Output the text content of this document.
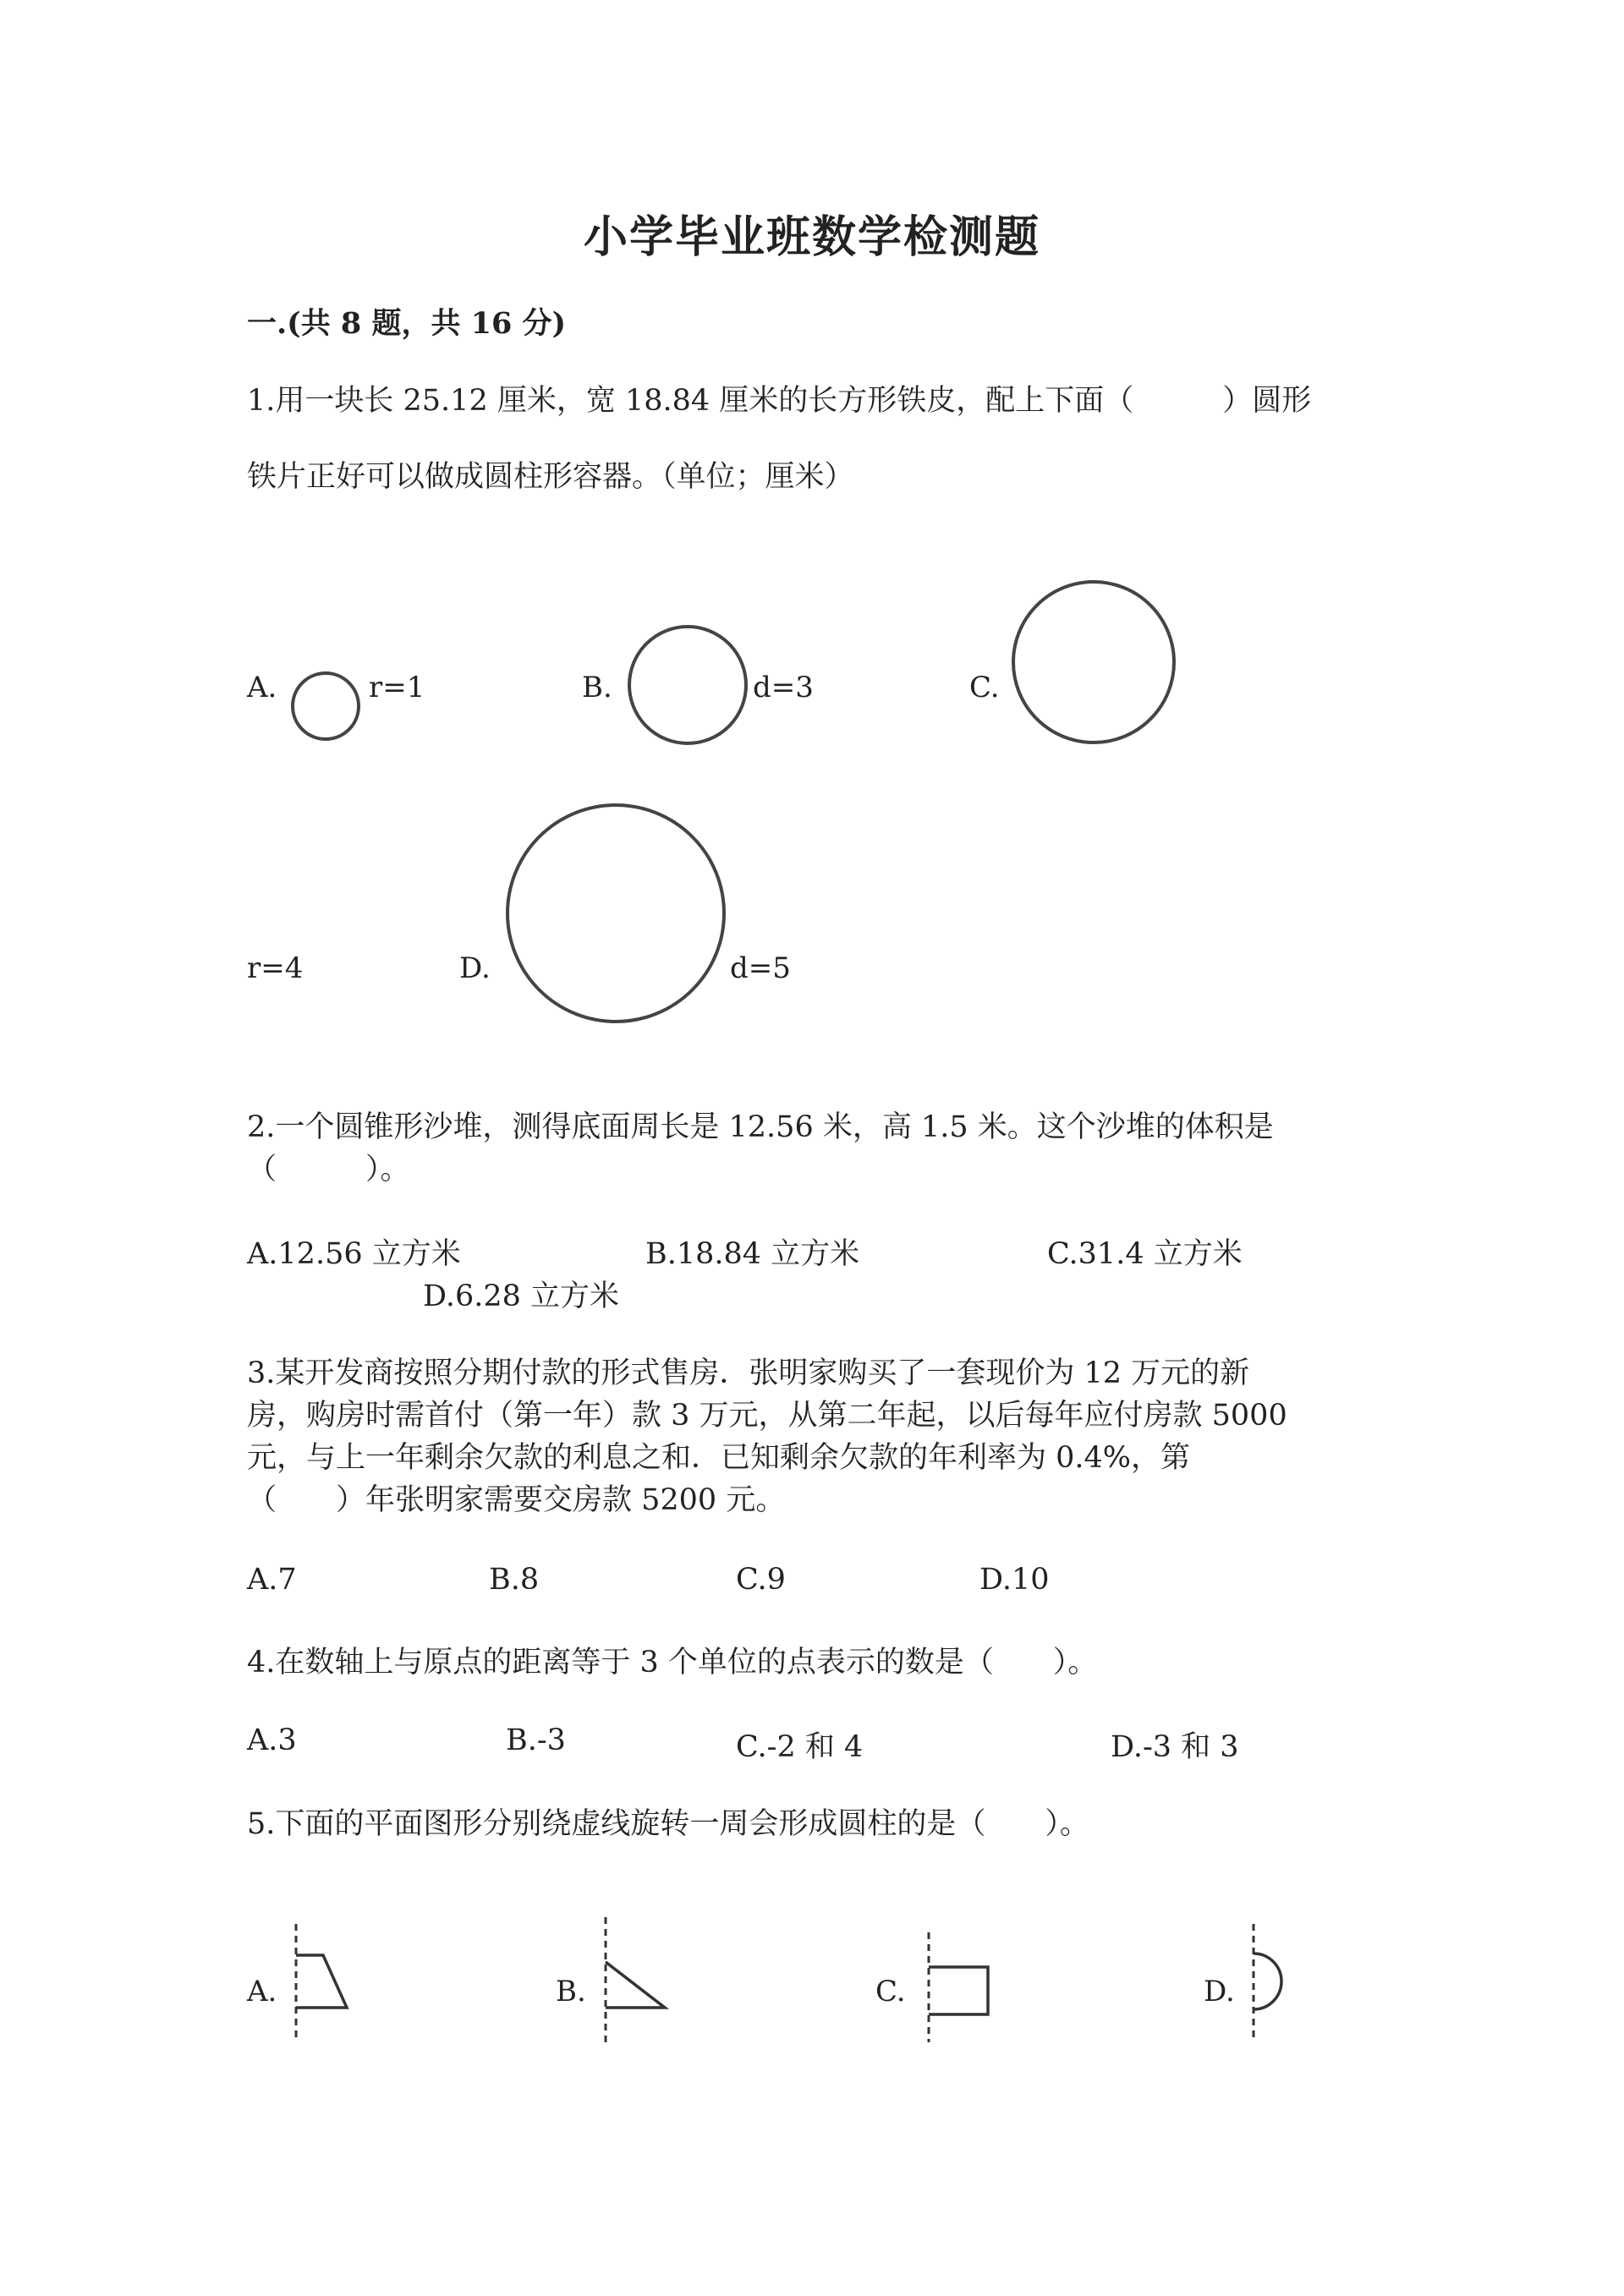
小学毕业班数学检测题
一.(共 8 题，共 16 分)
1.用一块长 25.12 厘米，宽 18.84 厘米的长方形铁皮，配上下面（　　　）圆形
铁片正好可以做成圆柱形容器。（单位；厘米）
A.	r=1	B.	d=3	C.
r=4	D.	d=5
2.一个圆锥形沙堆，测得底面周长是 12.56 米，高 1.5 米。这个沙堆的体积是
（　　　）。
A.12.56 立方米	B.18.84 立方米	C.31.4 立方米
D.6.28 立方米
3.某开发商按照分期付款的形式售房．张明家购买了一套现价为 12 万元的新
房，购房时需首付（第一年）款 3 万元，从第二年起，以后每年应付房款 5000
元，与上一年剩余欠款的利息之和．已知剩余欠款的年利率为 0.4%，第
（　　）年张明家需要交房款 5200 元。
A.7	B.8	C.9	D.10
4.在数轴上与原点的距离等于 3 个单位的点表示的数是（　　）。
A.3	B.-3	C.-2 和 4	D.-3 和 3
5.下面的平面图形分别绕虚线旋转一周会形成圆柱的是（　　）。
A.	B.	C.	D.
